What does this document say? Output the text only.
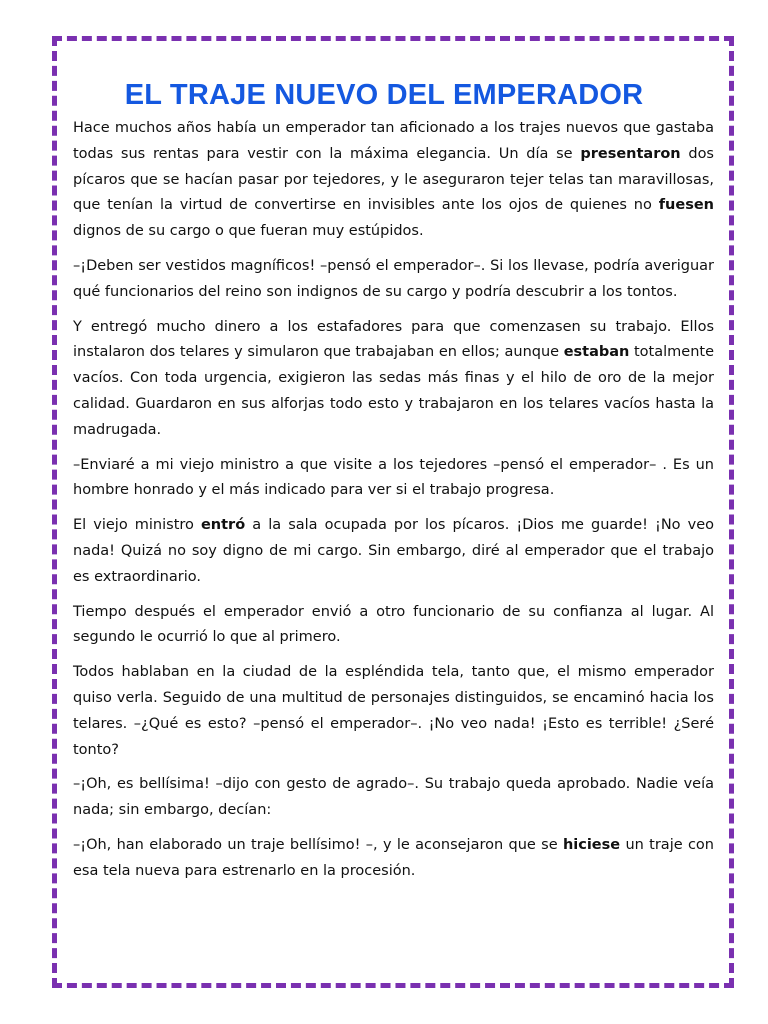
EL TRAJE NUEVO DEL EMPERADOR

Hace muchos años había un emperador tan aficionado a los trajes nuevos que gastaba todas sus rentas para vestir con la máxima elegancia. Un día se presentaron dos pícaros que se hacían pasar por tejedores, y le aseguraron tejer telas tan maravillosas, que tenían la virtud de convertirse en invisibles ante los ojos de quienes no fuesen dignos de su cargo o que fueran muy estúpidos.

–¡Deben ser vestidos magníficos! –pensó el emperador–. Si los llevase, podría averiguar qué funcionarios del reino son indignos de su cargo y podría descubrir a los tontos.

Y entregó mucho dinero a los estafadores para que comenzasen su trabajo. Ellos instalaron dos telares y simularon que trabajaban en ellos; aunque estaban totalmente vacíos. Con toda urgencia, exigieron las sedas más finas y el hilo de oro de la mejor calidad. Guardaron en sus alforjas todo esto y trabajaron en los telares vacíos hasta la madrugada.

–Enviaré a mi viejo ministro a que visite a los tejedores –pensó el emperador– . Es un hombre honrado y el más indicado para ver si el trabajo progresa.

El viejo ministro entró a la sala ocupada por los pícaros. ¡Dios me guarde! ¡No veo nada! Quizá no soy digno de mi cargo. Sin embargo, diré al emperador que el trabajo es extraordinario.

Tiempo después el emperador envió a otro funcionario de su confianza al lugar. Al segundo le ocurrió lo que al primero.

Todos hablaban en la ciudad de la espléndida tela, tanto que, el mismo emperador quiso verla. Seguido de una multitud de personajes distinguidos, se encaminó hacia los telares. –¿Qué es esto? –pensó el emperador–. ¡No veo nada! ¡Esto es terrible! ¿Seré tonto?

–¡Oh, es bellísima! –dijo con gesto de agrado–. Su trabajo queda aprobado. Nadie veía nada; sin embargo, decían:

–¡Oh, han elaborado un traje bellísimo! –, y le aconsejaron que se hiciese un traje con esa tela nueva para estrenarlo en la procesión.
